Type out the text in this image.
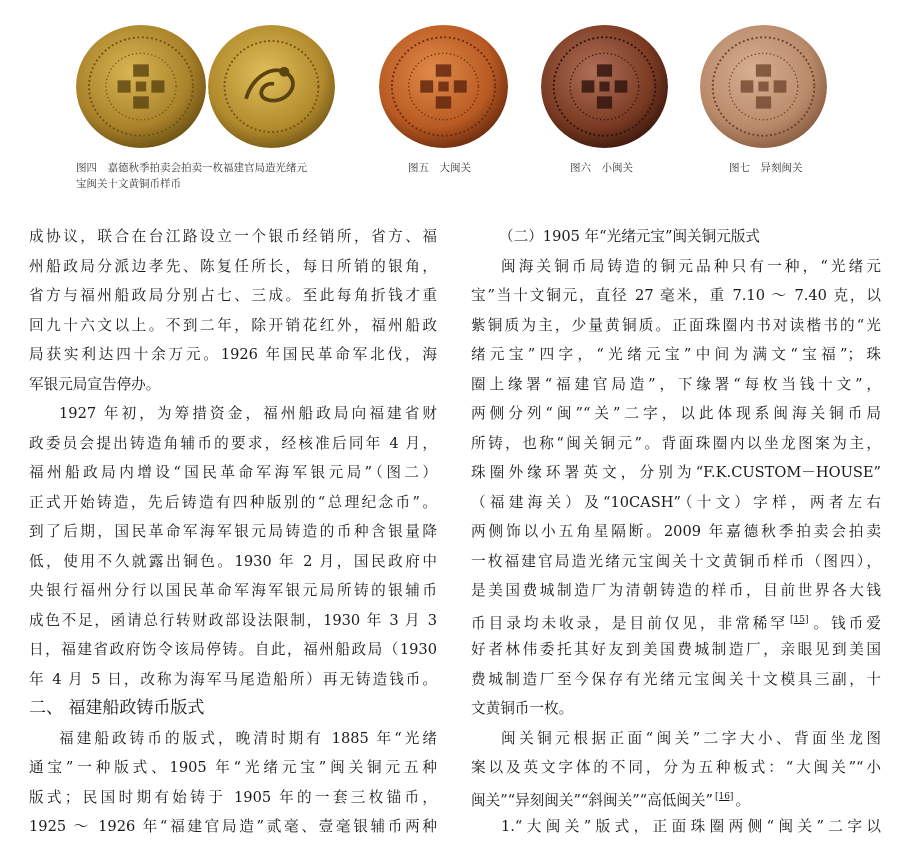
图四　嘉德秋季拍卖会拍卖一枚福建官局造光绪元
宝闽关十文黄铜币样币
图五　大闽关	图六　小闽关	图七　异刻闽关
成协议，联合在台江路设立一个银币经销所，省方、福
州船政局分派边孝先、陈复任所长，每日所销的银角，
省方与福州船政局分别占七、三成。至此每角折钱才重
回九十六文以上。不到二年，除开销花红外，福州船政
局获实利达四十余万元。1926 年国民革命军北伐，海
军银元局宣告停办。
1927 年初，为筹措资金，福州船政局向福建省财
政委员会提出铸造角辅币的要求，经核准后同年 4 月，
福州船政局内增设“国民革命军海军银元局”（图二）
正式开始铸造，先后铸造有四种版别的“总理纪念币”。
到了后期，国民革命军海军银元局铸造的币种含银量降
低，使用不久就露出铜色。1930 年 2 月，国民政府中
央银行福州分行以国民革命军海军银元局所铸的银辅币
成色不足，函请总行转财政部设法限制，1930 年 3 月 3
日，福建省政府饬令该局停铸。自此，福州船政局（1930
年 4 月 5 日，改称为海军马尾造船所）再无铸造钱币。
二、 福建船政铸币版式
福建船政铸币的版式，晚清时期有 1885 年“光绪
通宝”一种版式、1905 年“光绪元宝”闽关铜元五种
版式；民国时期有始铸于 1905 年的一套三枚锚币，
1925 ～ 1926 年“福建官局造”贰毫、壹毫银辅币两种
（二）1905 年“光绪元宝”闽关铜元版式
闽海关铜币局铸造的铜元品种只有一种，“光绪元
宝”当十文铜元，直径 27 毫米，重 7.10 ～ 7.40 克，以
紫铜质为主，少量黄铜质。正面珠圈内书对读楷书的“光
绪元宝”四字，“光绪元宝”中间为满文“宝福”；珠
圈上缘署“福建官局造”，下缘署“每枚当钱十文”，
两侧分列“闽”“关”二字，以此体现系闽海关铜币局
所铸，也称“闽关铜元”。背面珠圈内以坐龙图案为主，
珠圈外缘环署英文，分别为“F.K.CUSTOM－HOUSE”
（福建海关）及“10CASH”（十文）字样，两者左右
两侧饰以小五角星隔断。2009 年嘉德秋季拍卖会拍卖
一枚福建官局造光绪元宝闽关十文黄铜币样币（图四），
是美国费城制造厂为清朝铸造的样币，目前世界各大钱
币目录均未收录，是目前仅见，非常稀罕 [15] 。钱币爱
好者林伟委托其好友到美国费城制造厂，亲眼见到美国
费城制造厂至今保存有光绪元宝闽关十文模具三副，十
文黄铜币一枚。
闽关铜元根据正面“闽关”二字大小、背面坐龙图
案以及英文字体的不同，分为五种板式：“大闽关”“小
闽关”“异刻闽关”“斜闽关”“高低闽关” [16] 。
1.“大闽关”版式，正面珠圈两侧“闽关”二字以
